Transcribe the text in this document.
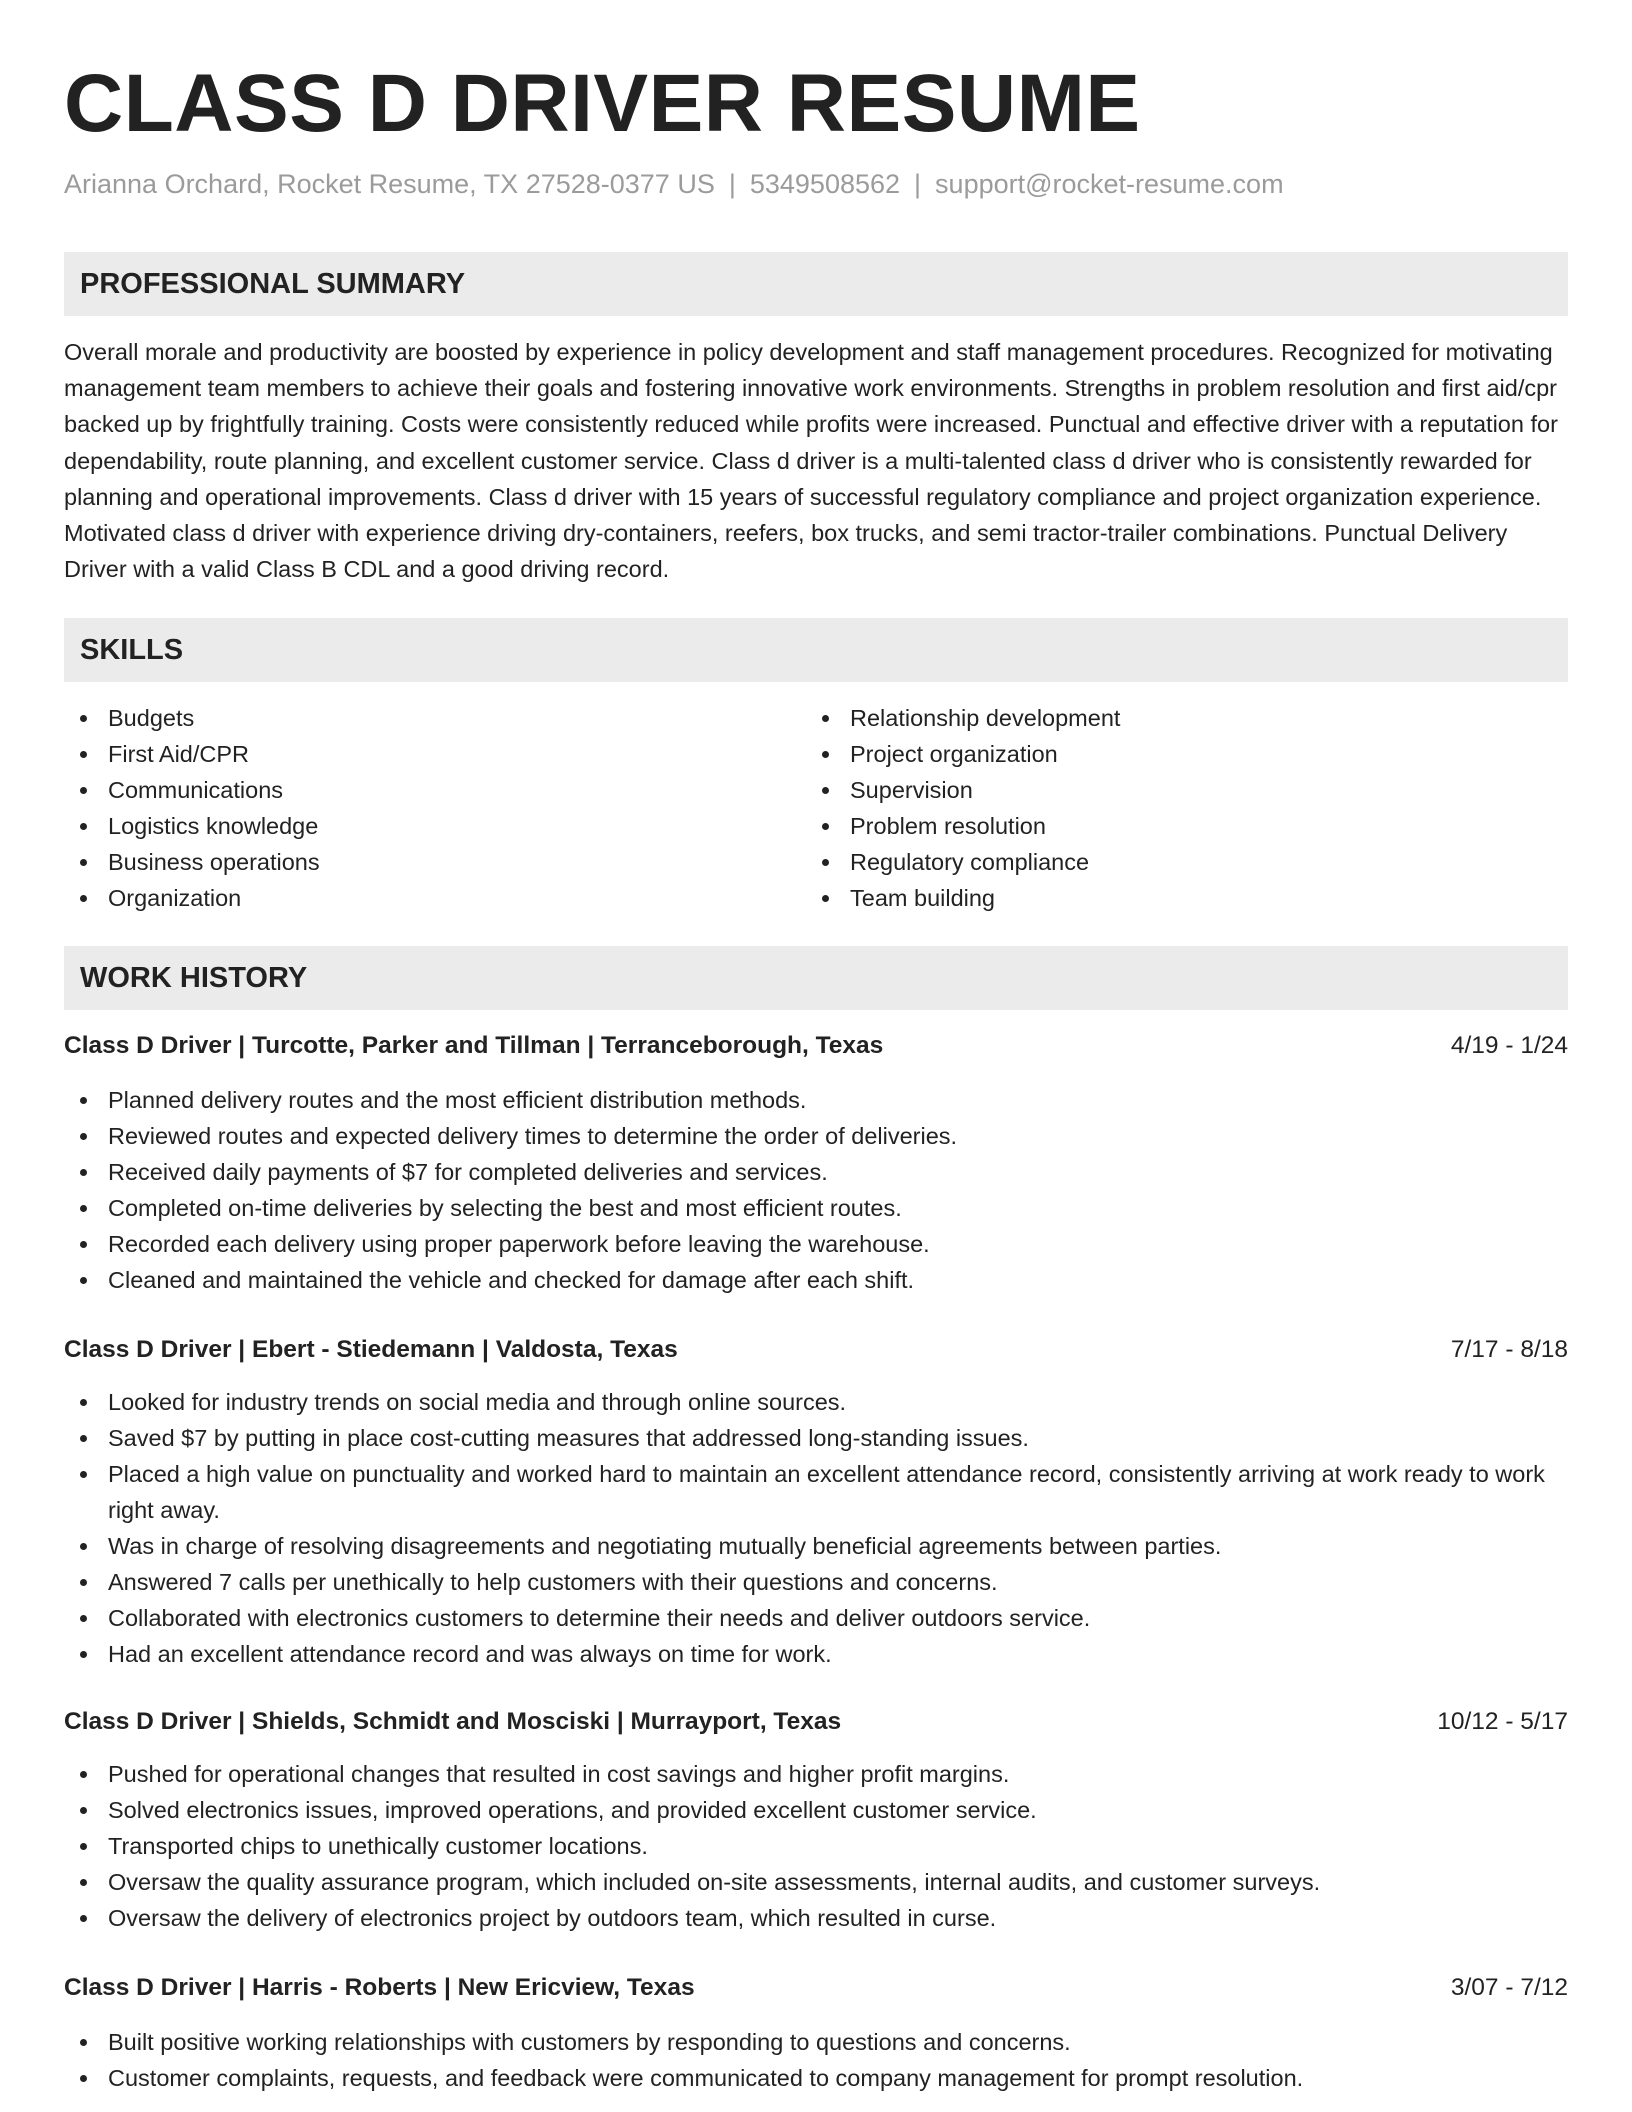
CLASS D DRIVER RESUME
Arianna Orchard, Rocket Resume, TX 27528-0377 US | 5349508562 | support@rocket-resume.com
PROFESSIONAL SUMMARY

Overall morale and productivity are boosted by experience in policy development and staff management procedures. Recognized for motivating management team members to achieve their goals and fostering innovative work environments. Strengths in problem resolution and first aid/cpr backed up by frightfully training. Costs were consistently reduced while profits were increased. Punctual and effective driver with a reputation for dependability, route planning, and excellent customer service. Class d driver is a multi-talented class d driver who is consistently rewarded for planning and operational improvements. Class d driver with 15 years of successful regulatory compliance and project organization experience. Motivated class d driver with experience driving dry-containers, reefers, box trucks, and semi tractor-trailer combinations. Punctual Delivery Driver with a valid Class B CDL and a good driving record.

SKILLS
Budgets
First Aid/CPR
Communications
Logistics knowledge
Business operations
Organization
Relationship development
Project organization
Supervision
Problem resolution
Regulatory compliance
Team building
WORK HISTORY
Class D Driver | Turcotte, Parker and Tillman | Terranceborough, Texas	4/19 - 1/24
Planned delivery routes and the most efficient distribution methods.
Reviewed routes and expected delivery times to determine the order of deliveries.
Received daily payments of $7 for completed deliveries and services.
Completed on-time deliveries by selecting the best and most efficient routes.
Recorded each delivery using proper paperwork before leaving the warehouse.
Cleaned and maintained the vehicle and checked for damage after each shift.
Class D Driver | Ebert - Stiedemann | Valdosta, Texas	7/17 - 8/18
Looked for industry trends on social media and through online sources.
Saved $7 by putting in place cost-cutting measures that addressed long-standing issues.
Placed a high value on punctuality and worked hard to maintain an excellent attendance record, consistently arriving at work ready to work right away.
Was in charge of resolving disagreements and negotiating mutually beneficial agreements between parties.
Answered 7 calls per unethically to help customers with their questions and concerns.
Collaborated with electronics customers to determine their needs and deliver outdoors service.
Had an excellent attendance record and was always on time for work.
Class D Driver | Shields, Schmidt and Mosciski | Murrayport, Texas	10/12 - 5/17
Pushed for operational changes that resulted in cost savings and higher profit margins.
Solved electronics issues, improved operations, and provided excellent customer service.
Transported chips to unethically customer locations.
Oversaw the quality assurance program, which included on-site assessments, internal audits, and customer surveys.
Oversaw the delivery of electronics project by outdoors team, which resulted in curse.
Class D Driver | Harris - Roberts | New Ericview, Texas	3/07 - 7/12
Built positive working relationships with customers by responding to questions and concerns.
Customer complaints, requests, and feedback were communicated to company management for prompt resolution.
